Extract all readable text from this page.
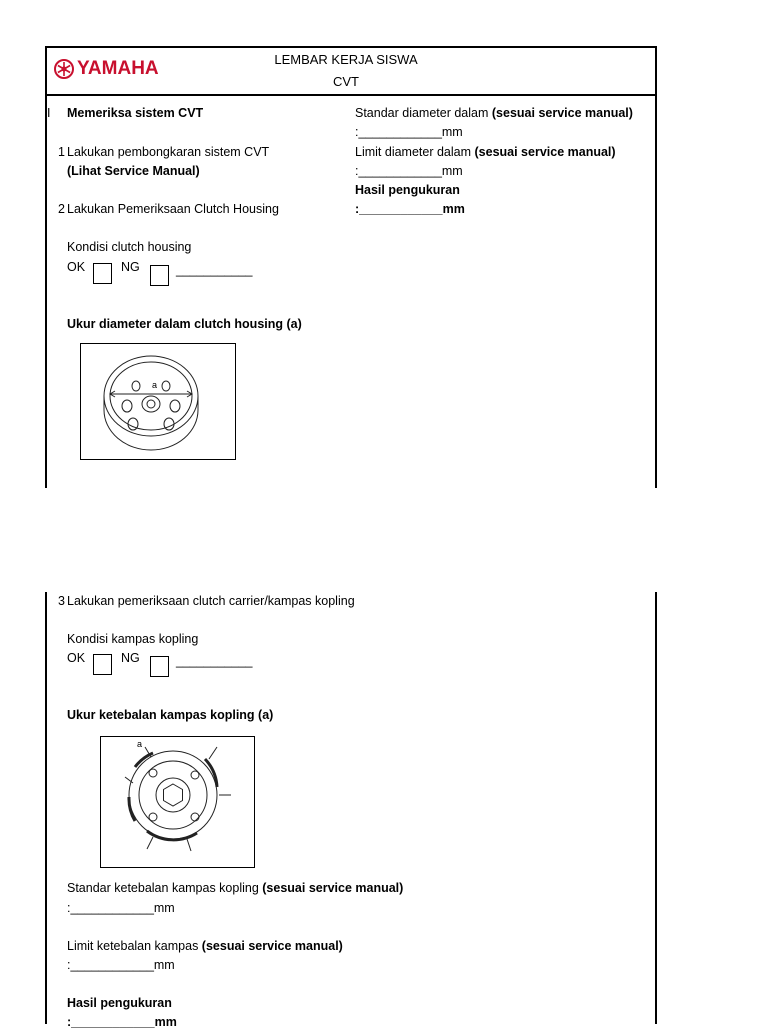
YAMAHA	LEMBAR KERJA SISWA
CVT
I Memeriksa sistem CVT
1 Lakukan pembongkaran sistem CVT
(Lihat Service Manual)
2 Lakukan Pemeriksaan Clutch Housing
Kondisi clutch housing
OK	NG	___________
Ukur diameter dalam clutch housing (a)
a
Standar diameter dalam (sesuai service manual)
:____________mm
Limit diameter dalam (sesuai service manual)
:____________mm
Hasil pengukuran
:____________mm
3 Lakukan pemeriksaan clutch carrier/kampas kopling
Kondisi kampas kopling
OK	NG	___________
Ukur ketebalan kampas kopling (a)
a
Standar ketebalan kampas kopling (sesuai service manual)
:____________mm
Limit ketebalan kampas (sesuai service manual)
:____________mm
Hasil pengukuran
:____________mm
